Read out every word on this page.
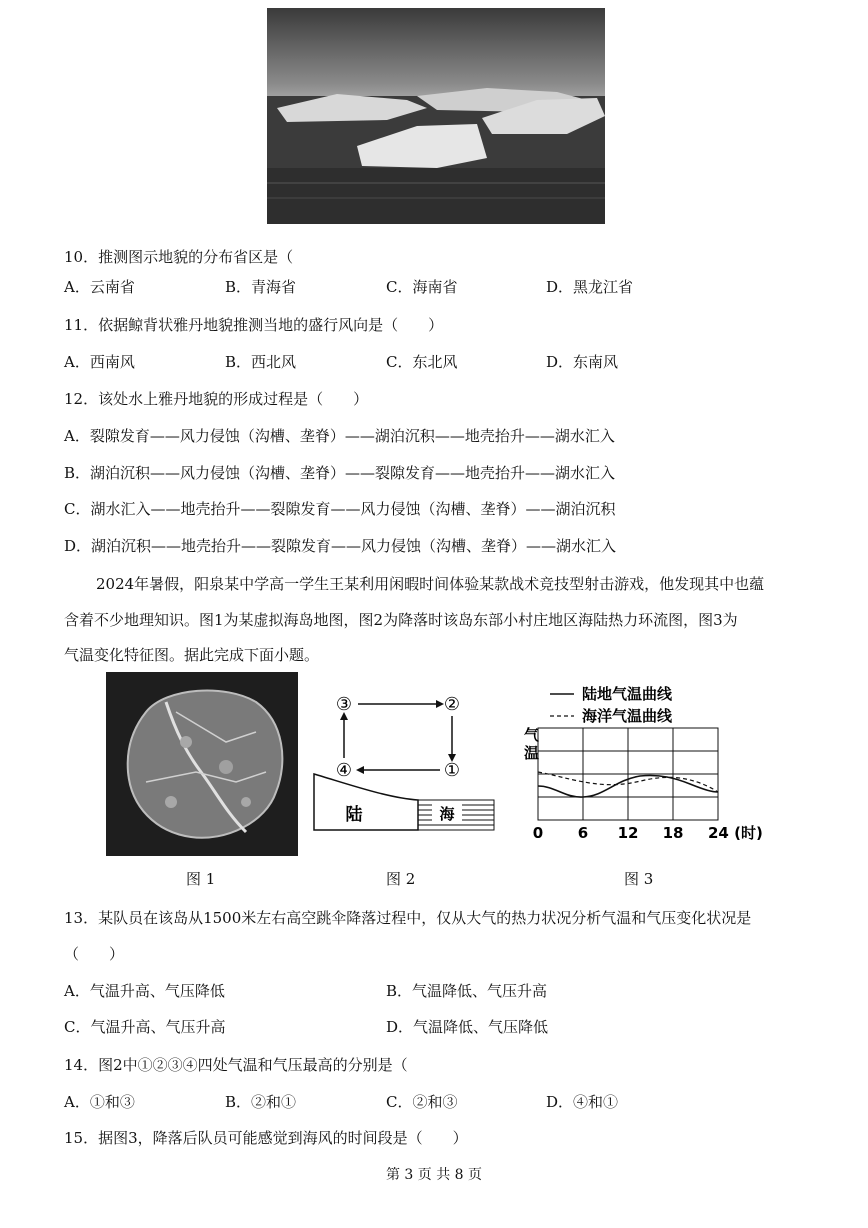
10．推测图示地貌的分布省区是（
A．云南省	B．青海省	C．海南省	D．黑龙江省
11．依据鲸背状雅丹地貌推测当地的盛行风向是（　　）
A．西南风	B．西北风	C．东北风	D．东南风
12．该处水上雅丹地貌的形成过程是（　　）
A．裂隙发育——风力侵蚀（沟槽、垄脊）——湖泊沉积——地壳抬升——湖水汇入
B．湖泊沉积——风力侵蚀（沟槽、垄脊）——裂隙发育——地壳抬升——湖水汇入
C．湖水汇入——地壳抬升——裂隙发育——风力侵蚀（沟槽、垄脊）——湖泊沉积
D．湖泊沉积——地壳抬升——裂隙发育——风力侵蚀（沟槽、垄脊）——湖水汇入
2024年暑假，阳泉某中学高一学生王某利用闲暇时间体验某款战术竞技型射击游戏，他发现其中也蕴
含着不少地理知识。图1为某虚拟海岛地图，图2为降落时该岛东部小村庄地区海陆热力环流图，图3为
气温变化特征图。据此完成下面小题。
③	②
④	①
陆	海
陆地气温曲线
海洋气温曲线
气
温
0 6 12 18 24 (时)
图 1	图 2	图 3
13．某队员在该岛从1500米左右高空跳伞降落过程中，仅从大气的热力状况分析气温和气压变化状况是
（　　）
A．气温升高、气压降低	B．气温降低、气压升高
C．气温升高、气压升高	D．气温降低、气压降低
14．图2中①②③④四处气温和气压最高的分别是（
A．①和③	B．②和①	C．②和③	D．④和①
15．据图3，降落后队员可能感觉到海风的时间段是（　　）
第 3 页 共 8 页
